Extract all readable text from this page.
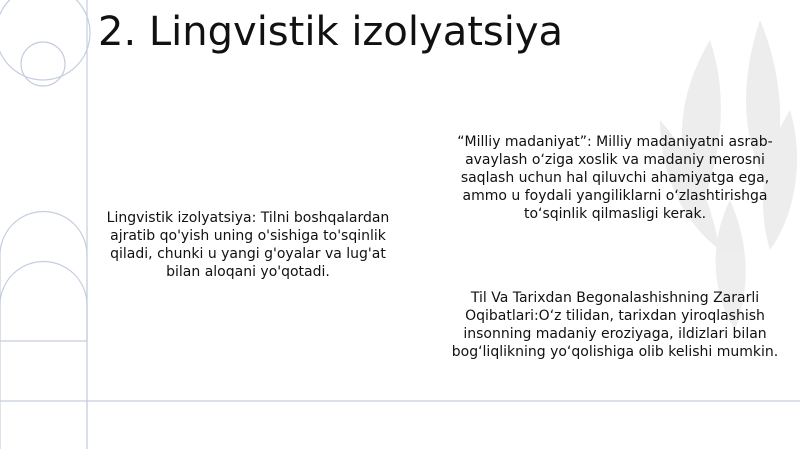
2. Lingvistik izolyatsiya
Lingvistik izolyatsiya: Tilni boshqalardan ajratib qo'yish uning o'sishiga to'sqinlik qiladi, chunki u yangi g'oyalar va lug'at bilan aloqani yo'qotadi.
“Milliy madaniyat”: Milliy madaniyatni asrab-avaylash o‘ziga xoslik va madaniy merosni saqlash uchun hal qiluvchi ahamiyatga ega, ammo u foydali yangiliklarni o‘zlashtirishga to‘sqinlik qilmasligi kerak.
Til Va Tarixdan Begonalashishning Zararli Oqibatlari:O‘z tilidan, tarixdan yiroqlashish insonning madaniy eroziyaga, ildizlari bilan bog‘liqlikning yo‘qolishiga olib kelishi mumkin.
